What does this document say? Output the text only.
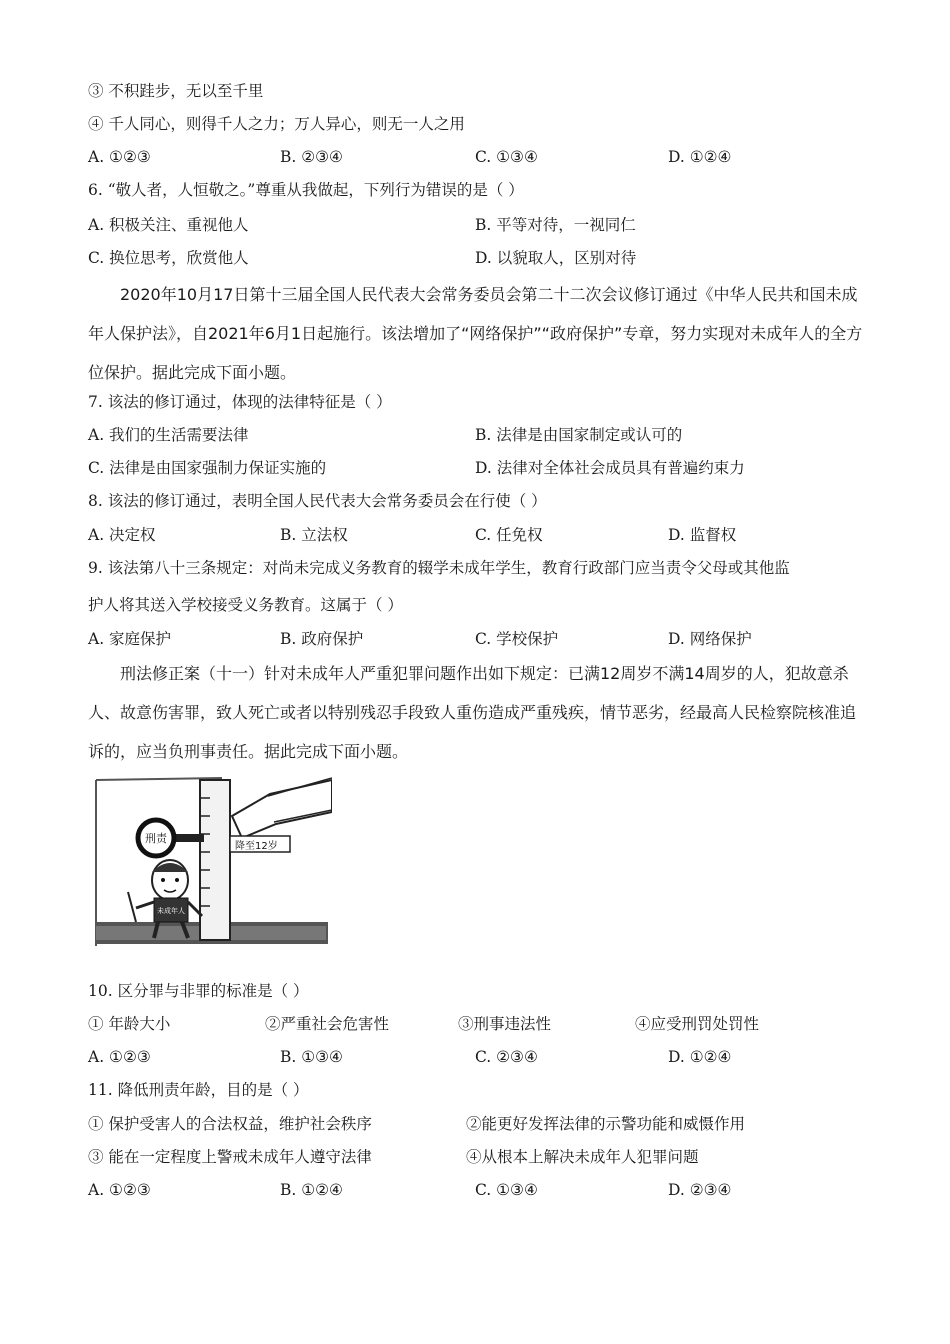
③ 不积跬步，无以至千里
④ 千人同心，则得千人之力；万人异心，则无一人之用
A. ①②③	B. ②③④	C. ①③④	D. ①②④
6. “敬人者，人恒敬之。”尊重从我做起，下列行为错误的是（ ）
A. 积极关注、重视他人	B. 平等对待，一视同仁
C. 换位思考，欣赏他人	D. 以貌取人，区别对待

2020年10月17日第十三届全国人民代表大会常务委员会第二十二次会议修订通过《中华人民共和国未成年人保护法》，自2021年6月1日起施行。该法增加了“网络保护”“政府保护”专章，努力实现对未成年人的全方位保护。据此完成下面小题。

7. 该法的修订通过，体现的法律特征是（ ）
A. 我们的生活需要法律	B. 法律是由国家制定或认可的
C. 法律是由国家强制力保证实施的	D. 法律对全体社会成员具有普遍约束力
8. 该法的修订通过，表明全国人民代表大会常务委员会在行使（ ）
A. 决定权	B. 立法权	C. 任免权	D. 监督权
9. 该法第八十三条规定：对尚未完成义务教育的辍学未成年学生，教育行政部门应当责令父母或其他监
护人将其送入学校接受义务教育。这属于（ ）
A. 家庭保护	B. 政府保护	C. 学校保护	D. 网络保护

刑法修正案（十一）针对未成年人严重犯罪问题作出如下规定：已满12周岁不满14周岁的人，犯故意杀人、故意伤害罪，致人死亡或者以特别残忍手段致人重伤造成严重残疾，情节恶劣，经最高人民检察院核准追诉的，应当负刑事责任。据此完成下面小题。

降至12岁
刑责
未成年人
10. 区分罪与非罪的标准是（ ）
① 年龄大小	②严重社会危害性	③刑事违法性	④应受刑罚处罚性
A. ①②③	B. ①③④	C. ②③④	D. ①②④
11. 降低刑责年龄，目的是（ ）
① 保护受害人的合法权益，维护社会秩序	②能更好发挥法律的示警功能和威慑作用
③ 能在一定程度上警戒未成年人遵守法律	④从根本上解决未成年人犯罪问题
A. ①②③	B. ①②④	C. ①③④	D. ②③④
